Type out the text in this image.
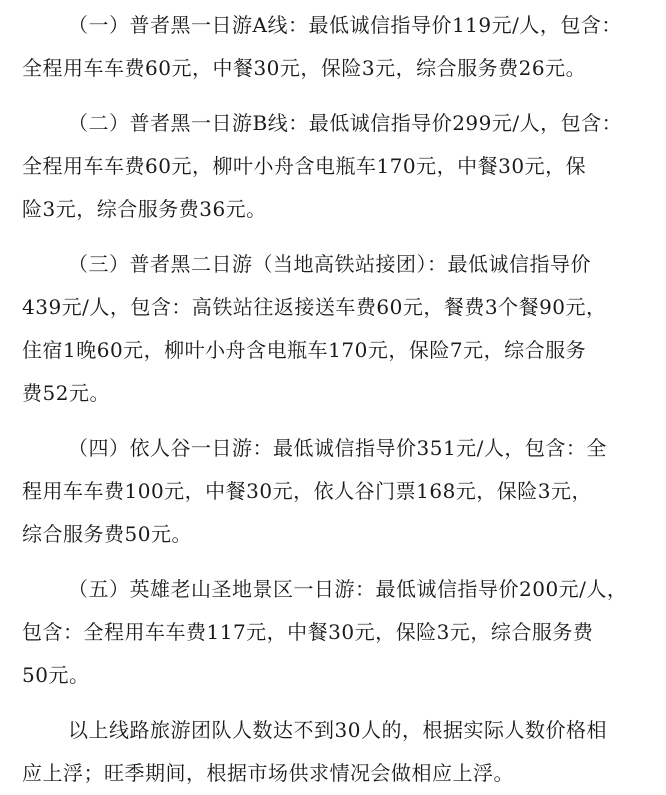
（一）普者黑一日游A线：最低诚信指导价119元/人，包含：
全程用车车费60元，中餐30元，保险3元，综合服务费26元。
（二）普者黑一日游B线：最低诚信指导价299元/人，包含：
全程用车车费60元，柳叶小舟含电瓶车170元，中餐30元，保
险3元，综合服务费36元。
（三）普者黑二日游（当地高铁站接团）：最低诚信指导价
439元/人，包含：高铁站往返接送车费60元，餐费3个餐90元，
住宿1晚60元，柳叶小舟含电瓶车170元，保险7元，综合服务
费52元。
（四）依人谷一日游：最低诚信指导价351元/人，包含：全
程用车车费100元，中餐30元，依人谷门票168元，保险3元，
综合服务费50元。
（五）英雄老山圣地景区一日游：最低诚信指导价200元/人，
包含：全程用车车费117元，中餐30元，保险3元，综合服务费
50元。
以上线路旅游团队人数达不到30人的，根据实际人数价格相
应上浮；旺季期间，根据市场供求情况会做相应上浮。
